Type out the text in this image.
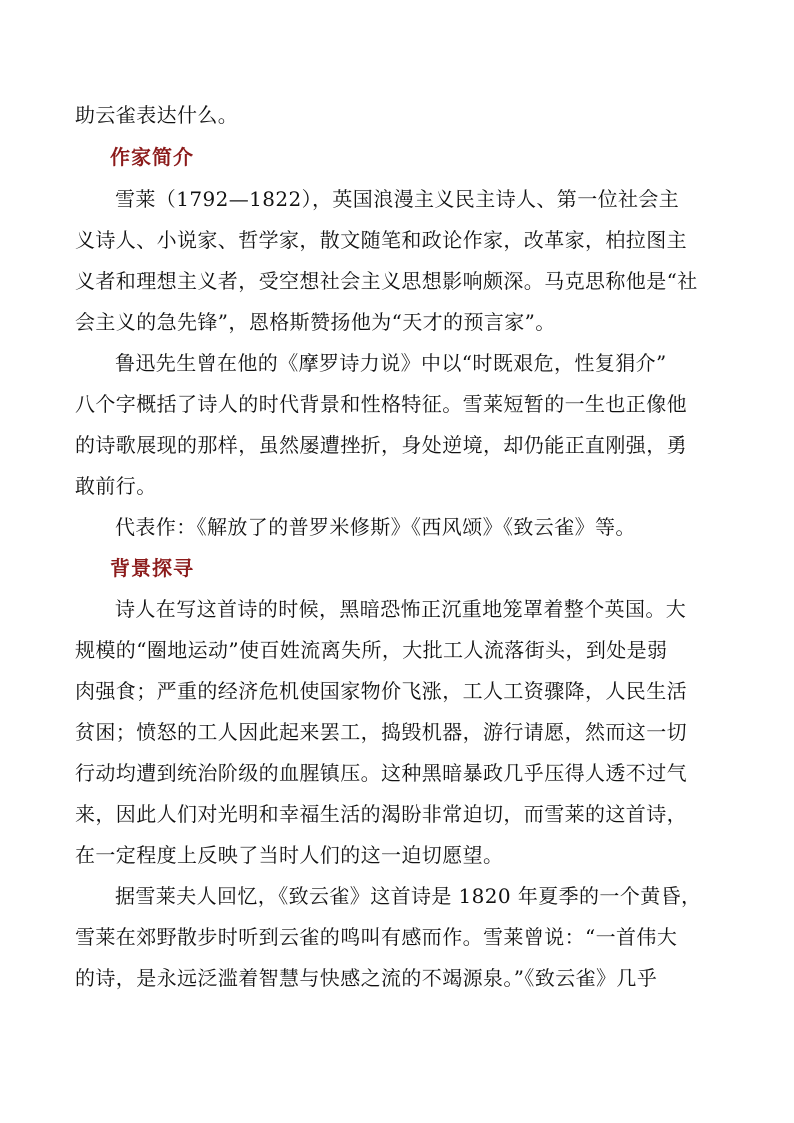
助云雀表达什么。
作家简介
雪莱（1792—1822），英国浪漫主义民主诗人、第一位社会主
义诗人、小说家、哲学家，散文随笔和政论作家，改革家，柏拉图主
义者和理想主义者，受空想社会主义思想影响颇深。马克思称他是“社
会主义的急先锋”，恩格斯赞扬他为“天才的预言家”。
鲁迅先生曾在他的《摩罗诗力说》中以“时既艰危，性复狷介”
八个字概括了诗人的时代背景和性格特征。雪莱短暂的一生也正像他
的诗歌展现的那样，虽然屡遭挫折，身处逆境，却仍能正直刚强，勇
敢前行。
代表作：《解放了的普罗米修斯》《西风颂》《致云雀》等。
背景探寻
诗人在写这首诗的时候，黑暗恐怖正沉重地笼罩着整个英国。大
规模的“圈地运动”使百姓流离失所，大批工人流落街头，到处是弱
肉强食；严重的经济危机使国家物价飞涨，工人工资骤降，人民生活
贫困；愤怒的工人因此起来罢工，捣毁机器，游行请愿，然而这一切
行动均遭到统治阶级的血腥镇压。这种黑暗暴政几乎压得人透不过气
来，因此人们对光明和幸福生活的渴盼非常迫切，而雪莱的这首诗，
在一定程度上反映了当时人们的这一迫切愿望。
据雪莱夫人回忆，《致云雀》这首诗是 1820 年夏季的一个黄昏，
雪莱在郊野散步时听到云雀的鸣叫有感而作。雪莱曾说：“一首伟大
的诗，是永远泛滥着智慧与快感之流的不竭源泉。”《致云雀》几乎
